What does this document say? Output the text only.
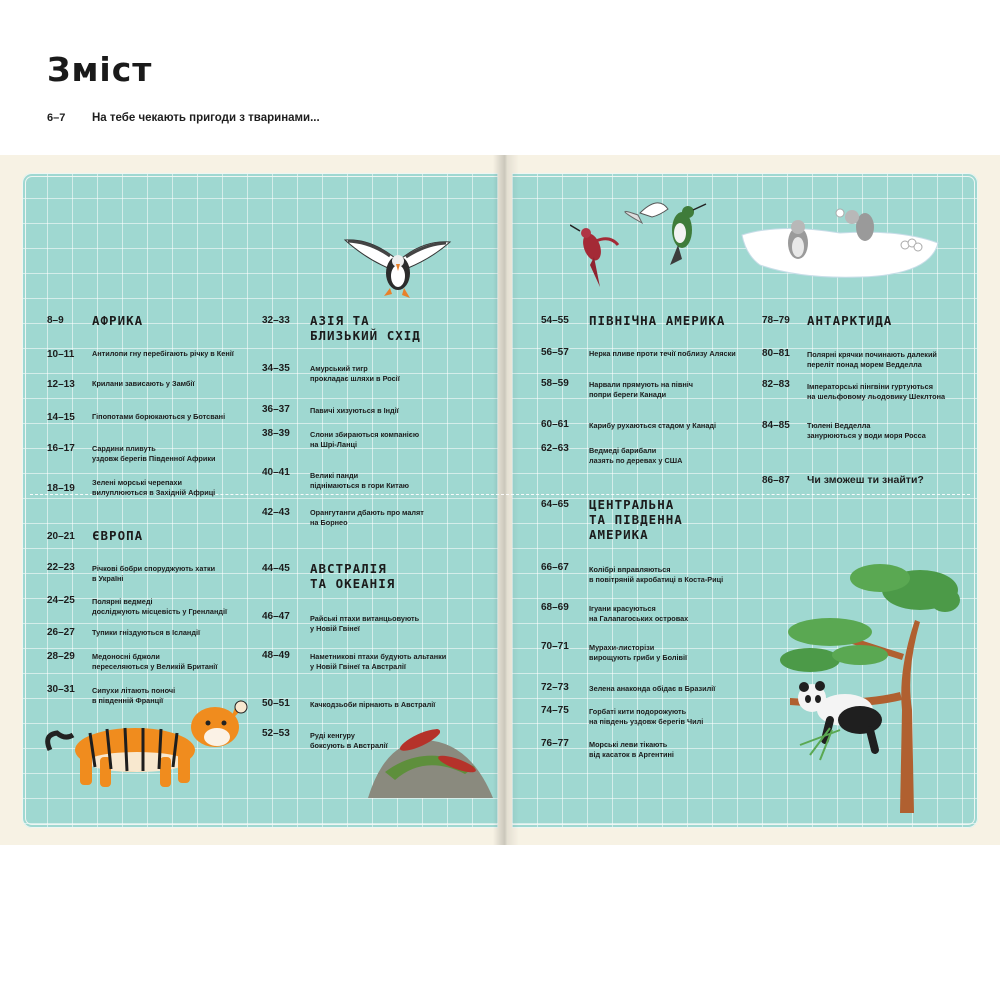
Зміст
6–7 На тебе чекають пригоди з тваринами...
8–9 АФРИКА
10–11 Антилопи гну перебігають річку в Кенії
12–13 Крилани зависають у Замбії
14–15 Гіпопотами борюкаються у Ботсвані
16–17 Сардини пливуть
уздовж берегів Південної Африки
18–19
Зелені морські черепахи
вилуплюються в Західній Африці
20–21 ЄВРОПА
22–23 Річкові бобри споруджують хатки
в Україні
24–25 Полярні ведмеді
досліджують місцевість у Гренландії
26–27 Тупики гніздуються в Ісландії
28–29 Медоносні бджоли
переселяються у Великій Британії
30–31 Сипухи літають поночі
в південній Франції
32–33 АЗІЯ ТА
БЛИЗЬКИЙ СХІД
34–35	Амурський тигр
прокладає шляхи в Росії
36–37	Павичі хизуються в Індії
38–39	Слони збираються компанією
на Шрі-Ланці
40–41	Великі панди
піднімаються в гори Китаю
42–43	Орангутанги дбають про малят
на Борнео
44–45 АВСТРАЛІЯ
ТА ОКЕАНІЯ
46–47	Райські птахи витанцьовують
у Новій Гвінеї
48–49	Наметникові птахи будують альтанки
у Новій Гвінеї та Австралії
50–51	Качкодзьоби пірнають в Австралії
52–53	Руді кенгуру
боксують в Австралії
54–55 ПІВНІЧНА АМЕРИКА
56–57	Нерка пливе проти течії поблизу Аляски
58–59	Нарвали прямують на північ
попри береги Канади
60–61	Карибу рухаються стадом у Канаді
62–63	Ведмеді барибали
лазять по деревах у США
64–65 ЦЕНТРАЛЬНА
ТА ПІВДЕННА
АМЕРИКА
66–67	Колібрі вправляються
в повітряній акробатиці в Коста-Риці
68–69	Ігуани красуються
на Галапагоських островах
70–71	Мурахи-листорізи
вирощують гриби у Болівії
72–73	Зелена анаконда обідає в Бразилії
74–75	Горбаті кити подорожують
на південь уздовж берегів Чилі
76–77	Морські леви тікають
від касаток в Аргентині
78–79 АНТАРКТИДА
80–81 Полярні крячки починають далекий
переліт понад морем Ведделла
82–83 Імператорські пінгвіни гуртуються
на шельфовому льодовику Шеклтона
84–85 Тюлені Ведделла
занурюються у води моря Росса
86–87 Чи зможеш ти знайти?
